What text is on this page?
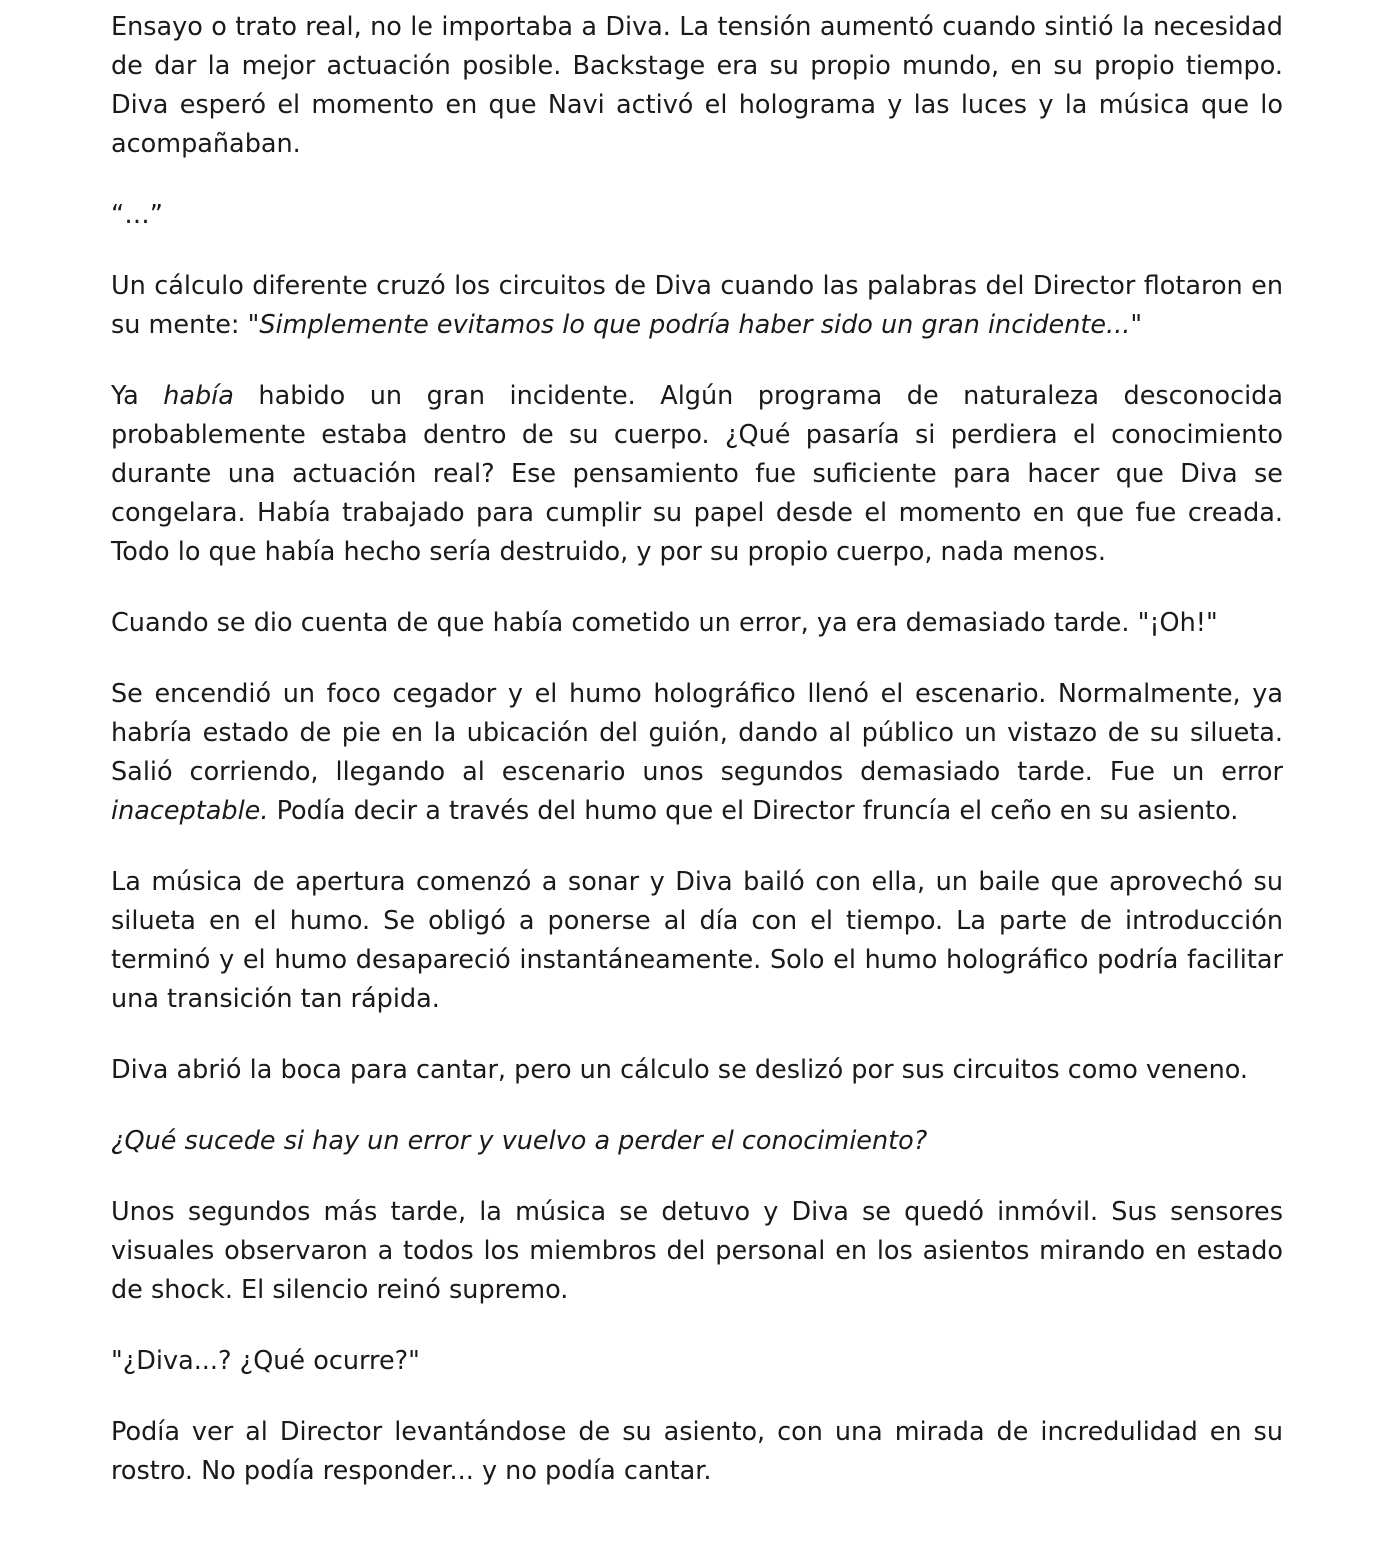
Ensayo o trato real, no le importaba a Diva. La tensión aumentó cuando sintió la necesidad de dar la mejor actuación posible. Backstage era su propio mundo, en su propio tiempo. Diva esperó el momento en que Navi activó el holograma y las luces y la música que lo acompañaban.

“…”

Un cálculo diferente cruzó los circuitos de Diva cuando las palabras del Director flotaron en su mente: "Simplemente evitamos lo que podría haber sido un gran incidente..."

Ya había habido un gran incidente. Algún programa de naturaleza desconocida probablemente estaba dentro de su cuerpo. ¿Qué pasaría si perdiera el conocimiento durante una actuación real? Ese pensamiento fue suficiente para hacer que Diva se congelara. Había trabajado para cumplir su papel desde el momento en que fue creada. Todo lo que había hecho sería destruido, y por su propio cuerpo, nada menos.

Cuando se dio cuenta de que había cometido un error, ya era demasiado tarde. "¡Oh!"

Se encendió un foco cegador y el humo holográfico llenó el escenario. Normalmente, ya habría estado de pie en la ubicación del guión, dando al público un vistazo de su silueta. Salió corriendo, llegando al escenario unos segundos demasiado tarde. Fue un error inaceptable. Podía decir a través del humo que el Director fruncía el ceño en su asiento.

La música de apertura comenzó a sonar y Diva bailó con ella, un baile que aprovechó su silueta en el humo. Se obligó a ponerse al día con el tiempo. La parte de introducción terminó y el humo desapareció instantáneamente. Solo el humo holográfico podría facilitar una transición tan rápida.

Diva abrió la boca para cantar, pero un cálculo se deslizó por sus circuitos como veneno.

¿Qué sucede si hay un error y vuelvo a perder el conocimiento?

Unos segundos más tarde, la música se detuvo y Diva se quedó inmóvil. Sus sensores visuales observaron a todos los miembros del personal en los asientos mirando en estado de shock. El silencio reinó supremo.

"¿Diva...? ¿Qué ocurre?"

Podía ver al Director levantándose de su asiento, con una mirada de incredulidad en su rostro. No podía responder... y no podía cantar.
